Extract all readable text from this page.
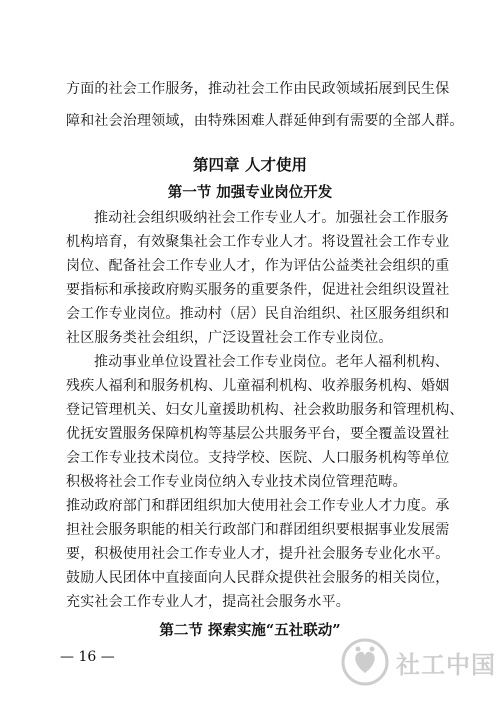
方面的社会工作服务，推动社会工作由民政领域拓展到民生保
障和社会治理领域，由特殊困难人群延伸到有需要的全部人群。
第四章 人才使用
第一节 加强专业岗位开发
推动社会组织吸纳社会工作专业人才。加强社会工作服务
机构培育，有效聚集社会工作专业人才。将设置社会工作专业
岗位、配备社会工作专业人才，作为评估公益类社会组织的重
要指标和承接政府购买服务的重要条件，促进社会组织设置社
会工作专业岗位。推动村（居）民自治组织、社区服务组织和
社区服务类社会组织，广泛设置社会工作专业岗位。
推动事业单位设置社会工作专业岗位。老年人福利机构、
残疾人福利和服务机构、儿童福利机构、收养服务机构、婚姻
登记管理机关、妇女儿童援助机构、社会救助服务和管理机构、
优抚安置服务保障机构等基层公共服务平台，要全覆盖设置社
会工作专业技术岗位。支持学校、医院、人口服务机构等单位
积极将社会工作专业岗位纳入专业技术岗位管理范畴。
推动政府部门和群团组织加大使用社会工作专业人才力度。承
担社会服务职能的相关行政部门和群团组织要根据事业发展需
要，积极使用社会工作专业人才，提升社会服务专业化水平。
鼓励人民团体中直接面向人民群众提供社会服务的相关岗位，
充实社会工作专业人才，提高社会服务水平。
第二节 探索实施“五社联动”
— 16 —	社工中国
